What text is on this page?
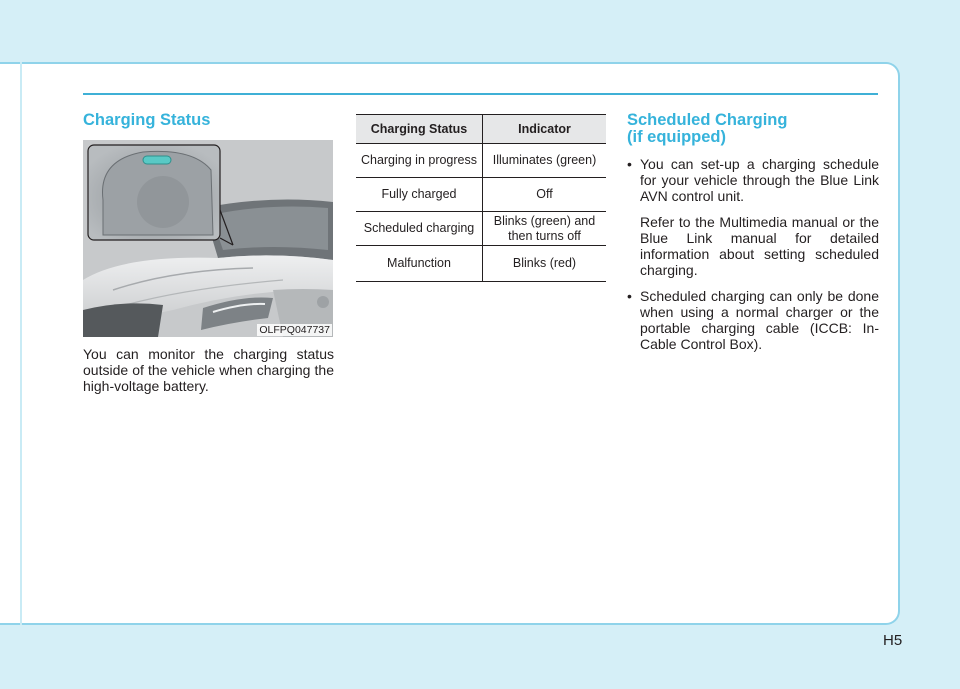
Charging Status
OLFPQ047737

You can monitor the charging status outside of the vehicle when charging the high-voltage battery.

Charging Status	Indicator
Charging in progress	Illuminates (green)
Fully charged	Off
Scheduled charging	Blinks (green) and then turns off
Malfunction	Blinks (red)
Scheduled Charging
(if equipped)
• You can set-up a charging schedule for your vehicle through the Blue Link AVN control unit.
Refer to the Multimedia manual or the Blue Link manual for detailed information about setting scheduled charging.
• Scheduled charging can only be done when using a normal charger or the portable charging cable (ICCB: In-Cable Control Box).
H5
